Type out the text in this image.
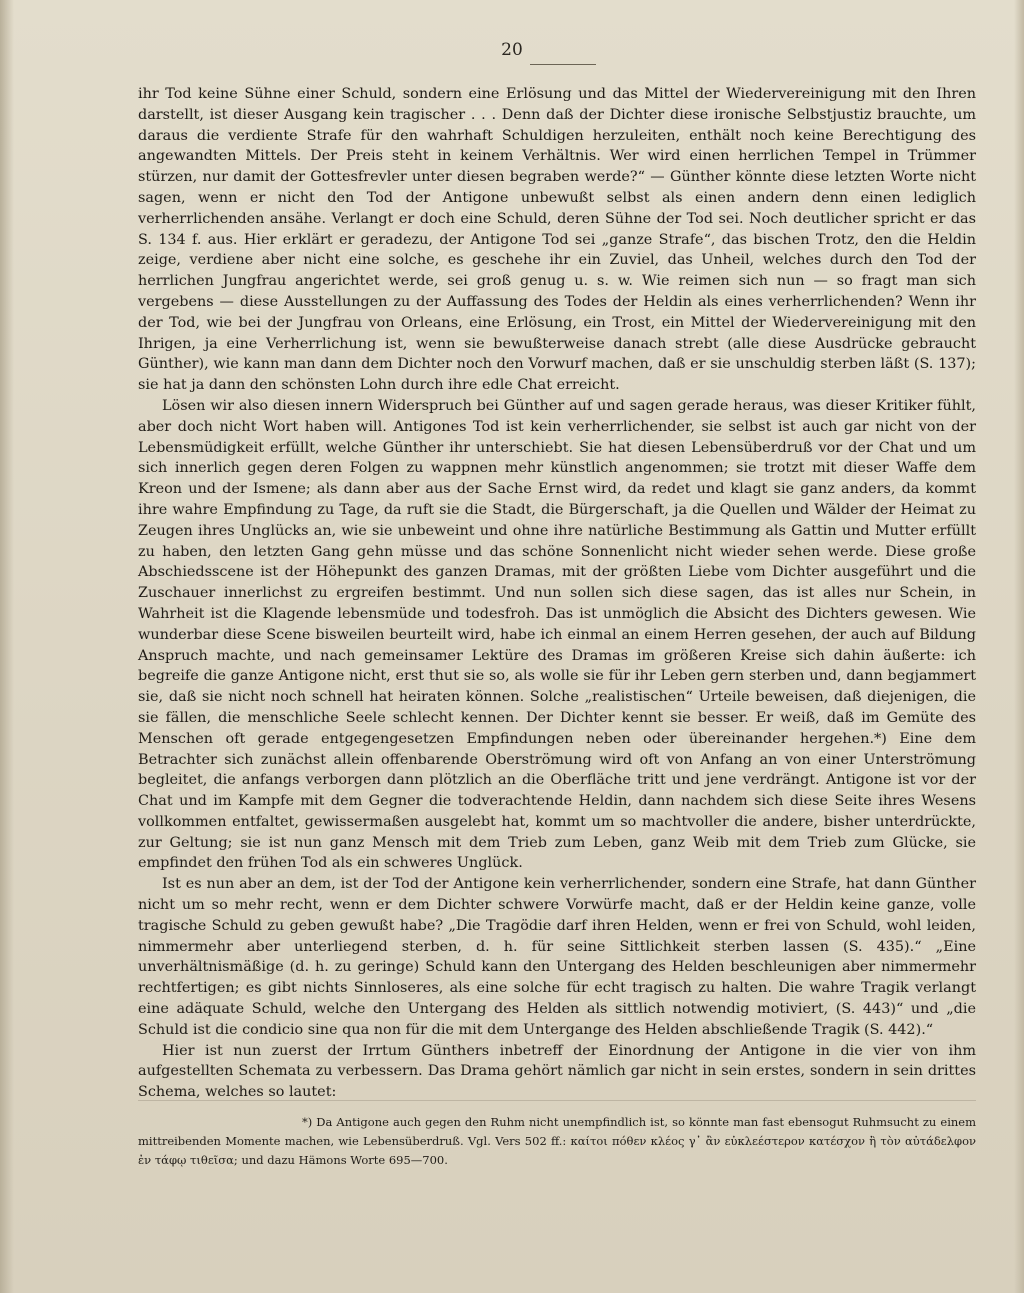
20

ihr Tod keine Sühne einer Schuld, sondern eine Erlösung und das Mittel der Wiedervereinigung mit den Ihren darstellt, ist dieser Ausgang kein tragischer . . . Denn daß der Dichter diese ironische Selbstjustiz brauchte, um daraus die verdiente Strafe für den wahrhaft Schuldigen herzuleiten, enthält noch keine Berechtigung des angewandten Mittels. Der Preis steht in keinem Verhältnis. Wer wird einen herrlichen Tempel in Trümmer stürzen, nur damit der Gottesfrevler unter diesen begraben werde?“ — Günther könnte diese letzten Worte nicht sagen, wenn er nicht den Tod der Antigone unbewußt selbst als einen andern denn einen lediglich verherrlichenden ansähe. Verlangt er doch eine Schuld, deren Sühne der Tod sei. Noch deutlicher spricht er das S. 134 f. aus. Hier erklärt er geradezu, der Antigone Tod sei „ganze Strafe“, das bischen Trotz, den die Heldin zeige, verdiene aber nicht eine solche, es geschehe ihr ein Zuviel, das Unheil, welches durch den Tod der herrlichen Jungfrau angerichtet werde, sei groß genug u. s. w. Wie reimen sich nun — so fragt man sich vergebens — diese Ausstellungen zu der Auffassung des Todes der Heldin als eines verherrlichenden? Wenn ihr der Tod, wie bei der Jungfrau von Orleans, eine Erlösung, ein Trost, ein Mittel der Wiedervereinigung mit den Ihrigen, ja eine Verherrlichung ist, wenn sie bewußterweise danach strebt (alle diese Ausdrücke gebraucht Günther), wie kann man dann dem Dichter noch den Vorwurf machen, daß er sie unschuldig sterben läßt (S. 137); sie hat ja dann den schönsten Lohn durch ihre edle Chat erreicht.

Lösen wir also diesen innern Widerspruch bei Günther auf und sagen gerade heraus, was dieser Kritiker fühlt, aber doch nicht Wort haben will. Antigones Tod ist kein verherrlichender, sie selbst ist auch gar nicht von der Lebensmüdigkeit erfüllt, welche Günther ihr unterschiebt. Sie hat diesen Lebensüberdruß vor der Chat und um sich innerlich gegen deren Folgen zu wappnen mehr künstlich angenommen; sie trotzt mit dieser Waffe dem Kreon und der Ismene; als dann aber aus der Sache Ernst wird, da redet und klagt sie ganz anders, da kommt ihre wahre Empfindung zu Tage, da ruft sie die Stadt, die Bürgerschaft, ja die Quellen und Wälder der Heimat zu Zeugen ihres Unglücks an, wie sie unbeweint und ohne ihre natürliche Bestimmung als Gattin und Mutter erfüllt zu haben, den letzten Gang gehn müsse und das schöne Sonnenlicht nicht wieder sehen werde. Diese große Abschiedsscene ist der Höhepunkt des ganzen Dramas, mit der größten Liebe vom Dichter ausgeführt und die Zuschauer innerlichst zu ergreifen bestimmt. Und nun sollen sich diese sagen, das ist alles nur Schein, in Wahrheit ist die Klagende lebensmüde und todesfroh. Das ist unmöglich die Absicht des Dichters gewesen. Wie wunderbar diese Scene bisweilen beurteilt wird, habe ich einmal an einem Herren gesehen, der auch auf Bildung Anspruch machte, und nach gemeinsamer Lektüre des Dramas im größeren Kreise sich dahin äußerte: ich begreife die ganze Antigone nicht, erst thut sie so, als wolle sie für ihr Leben gern sterben und, dann begjammert sie, daß sie nicht noch schnell hat heiraten können. Solche „realistischen“ Urteile beweisen, daß diejenigen, die sie fällen, die menschliche Seele schlecht kennen. Der Dichter kennt sie besser. Er weiß, daß im Gemüte des Menschen oft gerade entgegengesetzen Empfindungen neben oder übereinander hergehen.*) Eine dem Betrachter sich zunächst allein offenbarende Oberströmung wird oft von Anfang an von einer Unterströmung begleitet, die anfangs verborgen dann plötzlich an die Oberfläche tritt und jene verdrängt. Antigone ist vor der Chat und im Kampfe mit dem Gegner die todverachtende Heldin, dann nachdem sich diese Seite ihres Wesens vollkommen entfaltet, gewissermaßen ausgelebt hat, kommt um so machtvoller die andere, bisher unterdrückte, zur Geltung; sie ist nun ganz Mensch mit dem Trieb zum Leben, ganz Weib mit dem Trieb zum Glücke, sie empfindet den frühen Tod als ein schweres Unglück.

Ist es nun aber an dem, ist der Tod der Antigone kein verherrlichender, sondern eine Strafe, hat dann Günther nicht um so mehr recht, wenn er dem Dichter schwere Vorwürfe macht, daß er der Heldin keine ganze, volle tragische Schuld zu geben gewußt habe? „Die Tragödie darf ihren Helden, wenn er frei von Schuld, wohl leiden, nimmermehr aber unterliegend sterben, d. h. für seine Sittlichkeit sterben lassen (S. 435).“ „Eine unverhältnismäßige (d. h. zu geringe) Schuld kann den Untergang des Helden beschleunigen aber nimmermehr rechtfertigen; es gibt nichts Sinnloseres, als eine solche für echt tragisch zu halten. Die wahre Tragik verlangt eine adäquate Schuld, welche den Untergang des Helden als sittlich notwendig motiviert, (S. 443)“ und „die Schuld ist die condicio sine qua non für die mit dem Untergange des Helden abschließende Tragik (S. 442).“

Hier ist nun zuerst der Irrtum Günthers inbetreff der Einordnung der Antigone in die vier von ihm aufgestellten Schemata zu verbessern. Das Drama gehört nämlich gar nicht in sein erstes, sondern in sein drittes Schema, welches so lautet:

*) Da Antigone auch gegen den Ruhm nicht unempfindlich ist, so könnte man fast ebensogut Ruhmsucht zu einem mittreibenden Momente machen, wie Lebensüberdruß. Vgl. Vers 502 ff.: καίτοι πόθεν κλέος γ᾽ ἂν εὐκλεέστερον κατέσχον ἢ τὸν αὐτάδελφον ἐν τάφῳ τιθεῖσα; und dazu Hämons Worte 695—700.
